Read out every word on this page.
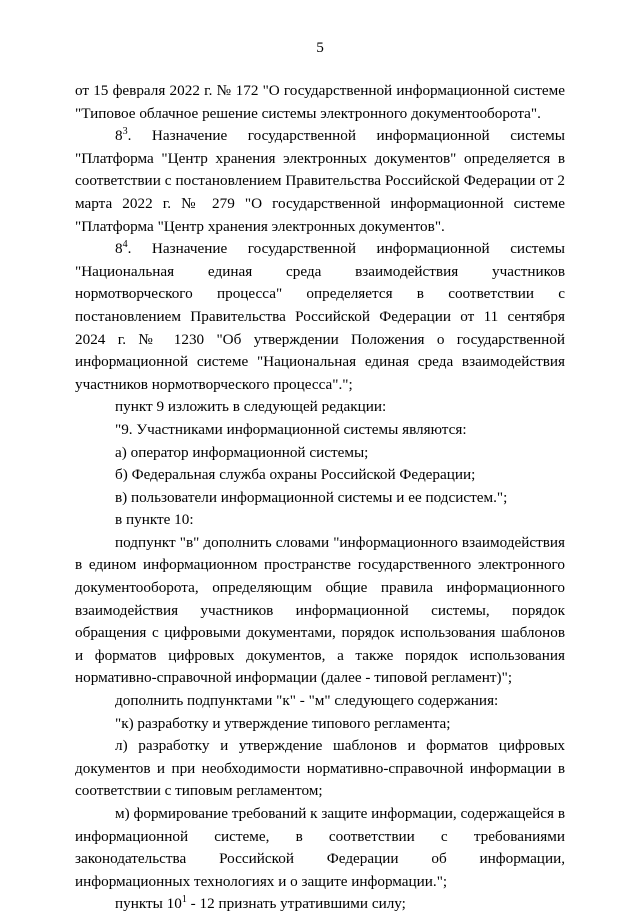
5

от 15 февраля 2022 г. № 172 "О государственной информационной системе "Типовое облачное решение системы электронного документооборота".

$8^3$. Назначение государственной информационной системы "Платформа "Центр хранения электронных документов" определяется в соответствии с постановлением Правительства Российской Федерации от 2 марта 2022 г. № 279 "О государственной информационной системе "Платформа "Центр хранения электронных документов".

$8^4$. Назначение государственной информационной системы "Национальная единая среда взаимодействия участников нормотворческого процесса" определяется в соответствии с постановлением Правительства Российской Федерации от 11 сентября 2024 г. № 1230 "Об утверждении Положения о государственной информационной системе "Национальная единая среда взаимодействия участников нормотворческого процесса".";

пункт 9 изложить в следующей редакции:

"9. Участниками информационной системы являются:

а) оператор информационной системы;

б) Федеральная служба охраны Российской Федерации;

в) пользователи информационной системы и ее подсистем.";

в пункте 10:

подпункт "в" дополнить словами "информационного взаимодействия в едином информационном пространстве государственного электронного документооборота, определяющим общие правила информационного взаимодействия участников информационной системы, порядок обращения с цифровыми документами, порядок использования шаблонов и форматов цифровых документов, а также порядок использования нормативно-справочной информации (далее - типовой регламент)";

дополнить подпунктами "к" - "м" следующего содержания:

"к) разработку и утверждение типового регламента;

л) разработку и утверждение шаблонов и форматов цифровых документов и при необходимости нормативно-справочной информации в соответствии с типовым регламентом;

м) формирование требований к защите информации, содержащейся в информационной системе, в соответствии с требованиями законодательства Российской Федерации об информации, информационных технологиях и о защите информации.";

пункты $10^1 - 12$ признать утратившими силу;
